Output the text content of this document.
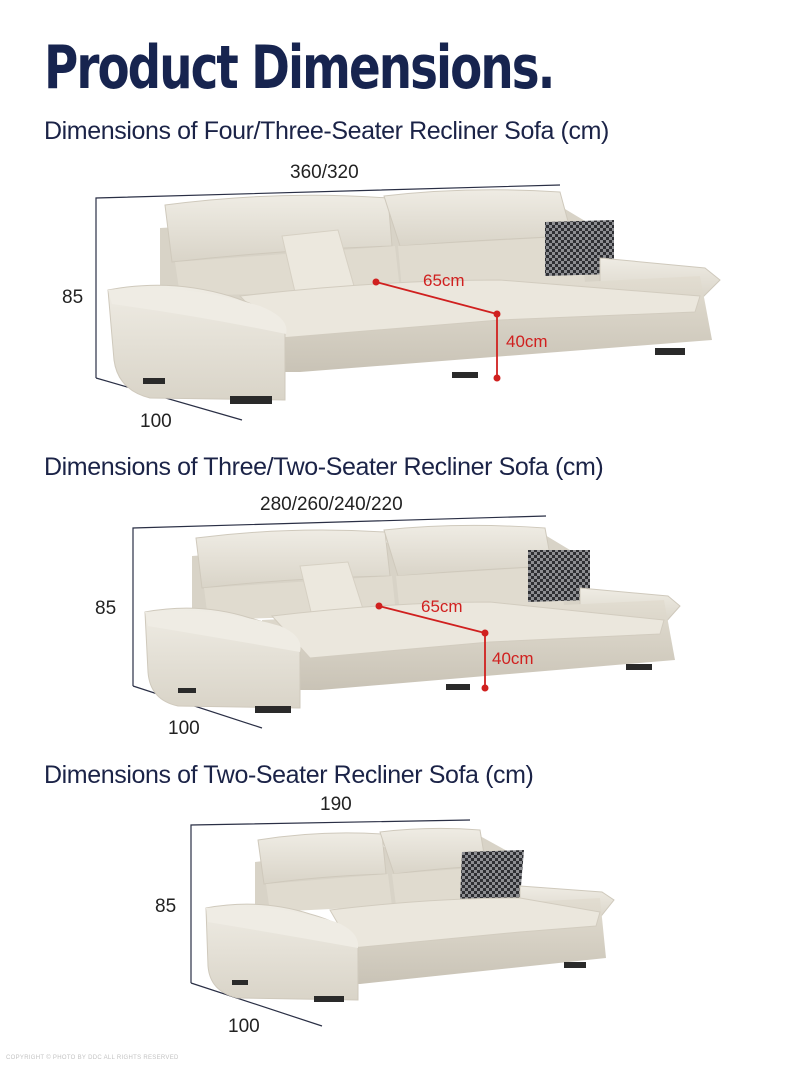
Product Dimensions.
Dimensions of Four/Three-Seater Recliner Sofa (cm)
360/320
85
100
65cm
40cm
Dimensions of Three/Two-Seater Recliner Sofa (cm)
280/260/240/220
85
100
65cm
40cm
Dimensions of Two-Seater Recliner Sofa (cm)
190
85
100
COPYRIGHT © PHOTO BY DDC ALL RIGHTS RESERVED
